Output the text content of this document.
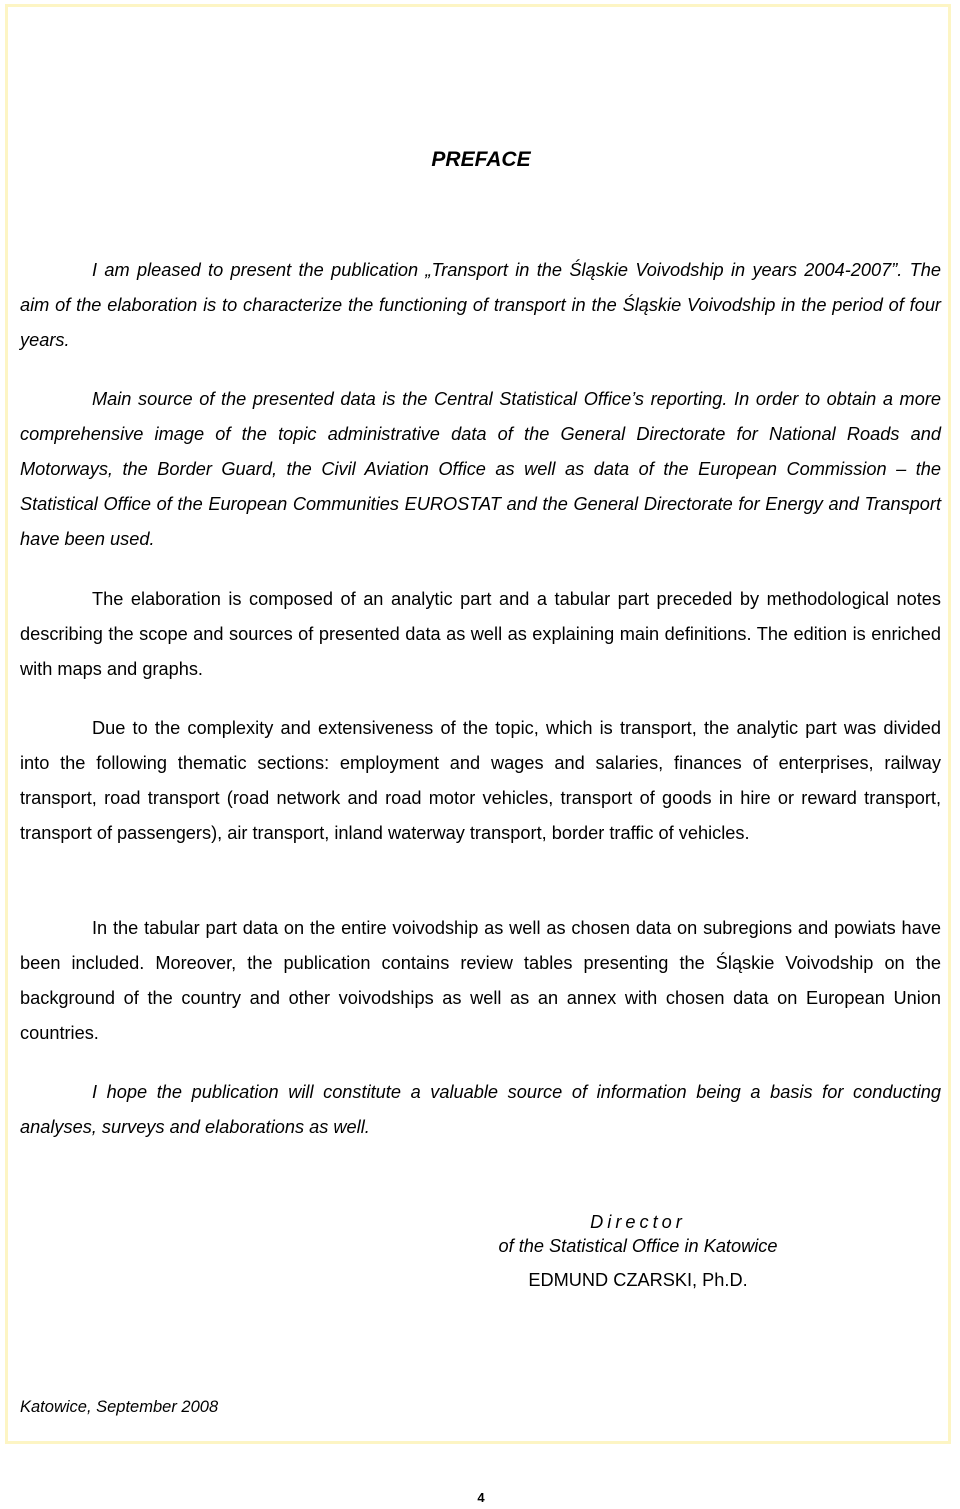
PREFACE

I am pleased to present the publication „Transport in the Śląskie Voivodship in years 2004-2007”. The aim of the elaboration is to characterize the functioning of transport in the Śląskie Voivodship in the period of four years.

Main source of the presented data is the Central Statistical Office’s reporting. In order to obtain a more comprehensive image of the topic administrative data of the General Directorate for National Roads and Motorways, the Border Guard, the Civil Aviation Office as well as data of the European Commission – the Statistical Office of the European Communities EUROSTAT and the General Directorate for Energy and Transport have been used.

The elaboration is composed of an analytic part and a tabular part preceded by methodological notes describing the scope and sources of presented data as well as explaining main definitions. The edition is enriched with maps and graphs.

Due to the complexity and extensiveness of the topic, which is transport, the analytic part was divided into the following thematic sections: employment and wages and salaries, finances of enterprises, railway transport, road transport (road network and road motor vehicles, transport of goods in hire or reward transport, transport of passengers), air transport, inland waterway transport, border traffic of vehicles.

In the tabular part data on the entire voivodship as well as chosen data on subregions and powiats have been included. Moreover, the publication contains review tables presenting the Śląskie Voivodship on the background of the country and other voivodships as well as an annex with chosen data on European Union countries.

I hope the publication will constitute a valuable source of information being a basis for conducting analyses, surveys and elaborations as well.

Director

of the Statistical Office in Katowice

EDMUND CZARSKI, Ph.D.

Katowice, September 2008

4
